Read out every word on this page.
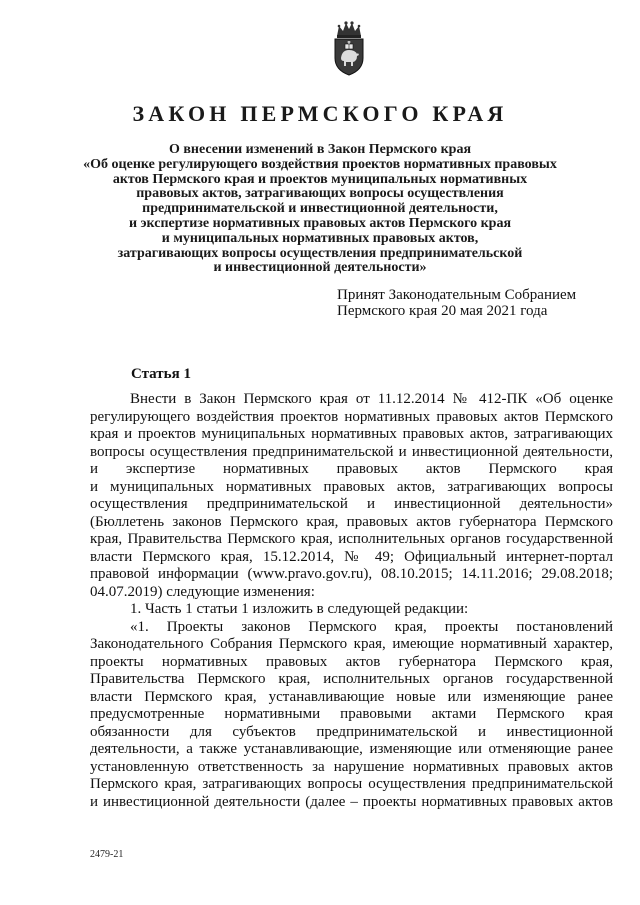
ЗАКОН ПЕРМСКОГО КРАЯ
О внесении изменений в Закон Пермского края
«Об оценке регулирующего воздействия проектов нормативных правовых
актов Пермского края и проектов муниципальных нормативных
правовых актов, затрагивающих вопросы осуществления
предпринимательской и инвестиционной деятельности,
и экспертизе нормативных правовых актов Пермского края
и муниципальных нормативных правовых актов,
затрагивающих вопросы осуществления предпринимательской
и инвестиционной деятельности»
Принят Законодательным Собранием
Пермского края 20 мая 2021 года
Статья 1
Внести в Закон Пермского края от 11.12.2014 № 412-ПК «Об оценке
регулирующего воздействия проектов нормативных правовых актов Пермского
края и проектов муниципальных нормативных правовых актов, затрагивающих
вопросы осуществления предпринимательской и инвестиционной деятельности,
и экспертизе нормативных правовых актов Пермского края
и муниципальных нормативных правовых актов, затрагивающих вопросы
осуществления предпринимательской и инвестиционной деятельности»
(Бюллетень законов Пермского края, правовых актов губернатора Пермского
края, Правительства Пермского края, исполнительных органов государственной
власти Пермского края, 15.12.2014, № 49; Официальный интернет-портал
правовой информации (www.pravo.gov.ru), 08.10.2015; 14.11.2016; 29.08.2018;
04.07.2019) следующие изменения:
1. Часть 1 статьи 1 изложить в следующей редакции:
«1. Проекты законов Пермского края, проекты постановлений
Законодательного Собрания Пермского края, имеющие нормативный характер,
проекты нормативных правовых актов губернатора Пермского края,
Правительства Пермского края, исполнительных органов государственной
власти Пермского края, устанавливающие новые или изменяющие ранее
предусмотренные нормативными правовыми актами Пермского края
обязанности для субъектов предпринимательской и инвестиционной
деятельности, а также устанавливающие, изменяющие или отменяющие ранее
установленную ответственность за нарушение нормативных правовых актов
Пермского края, затрагивающих вопросы осуществления предпринимательской
и инвестиционной деятельности (далее – проекты нормативных правовых актов
2479-21
